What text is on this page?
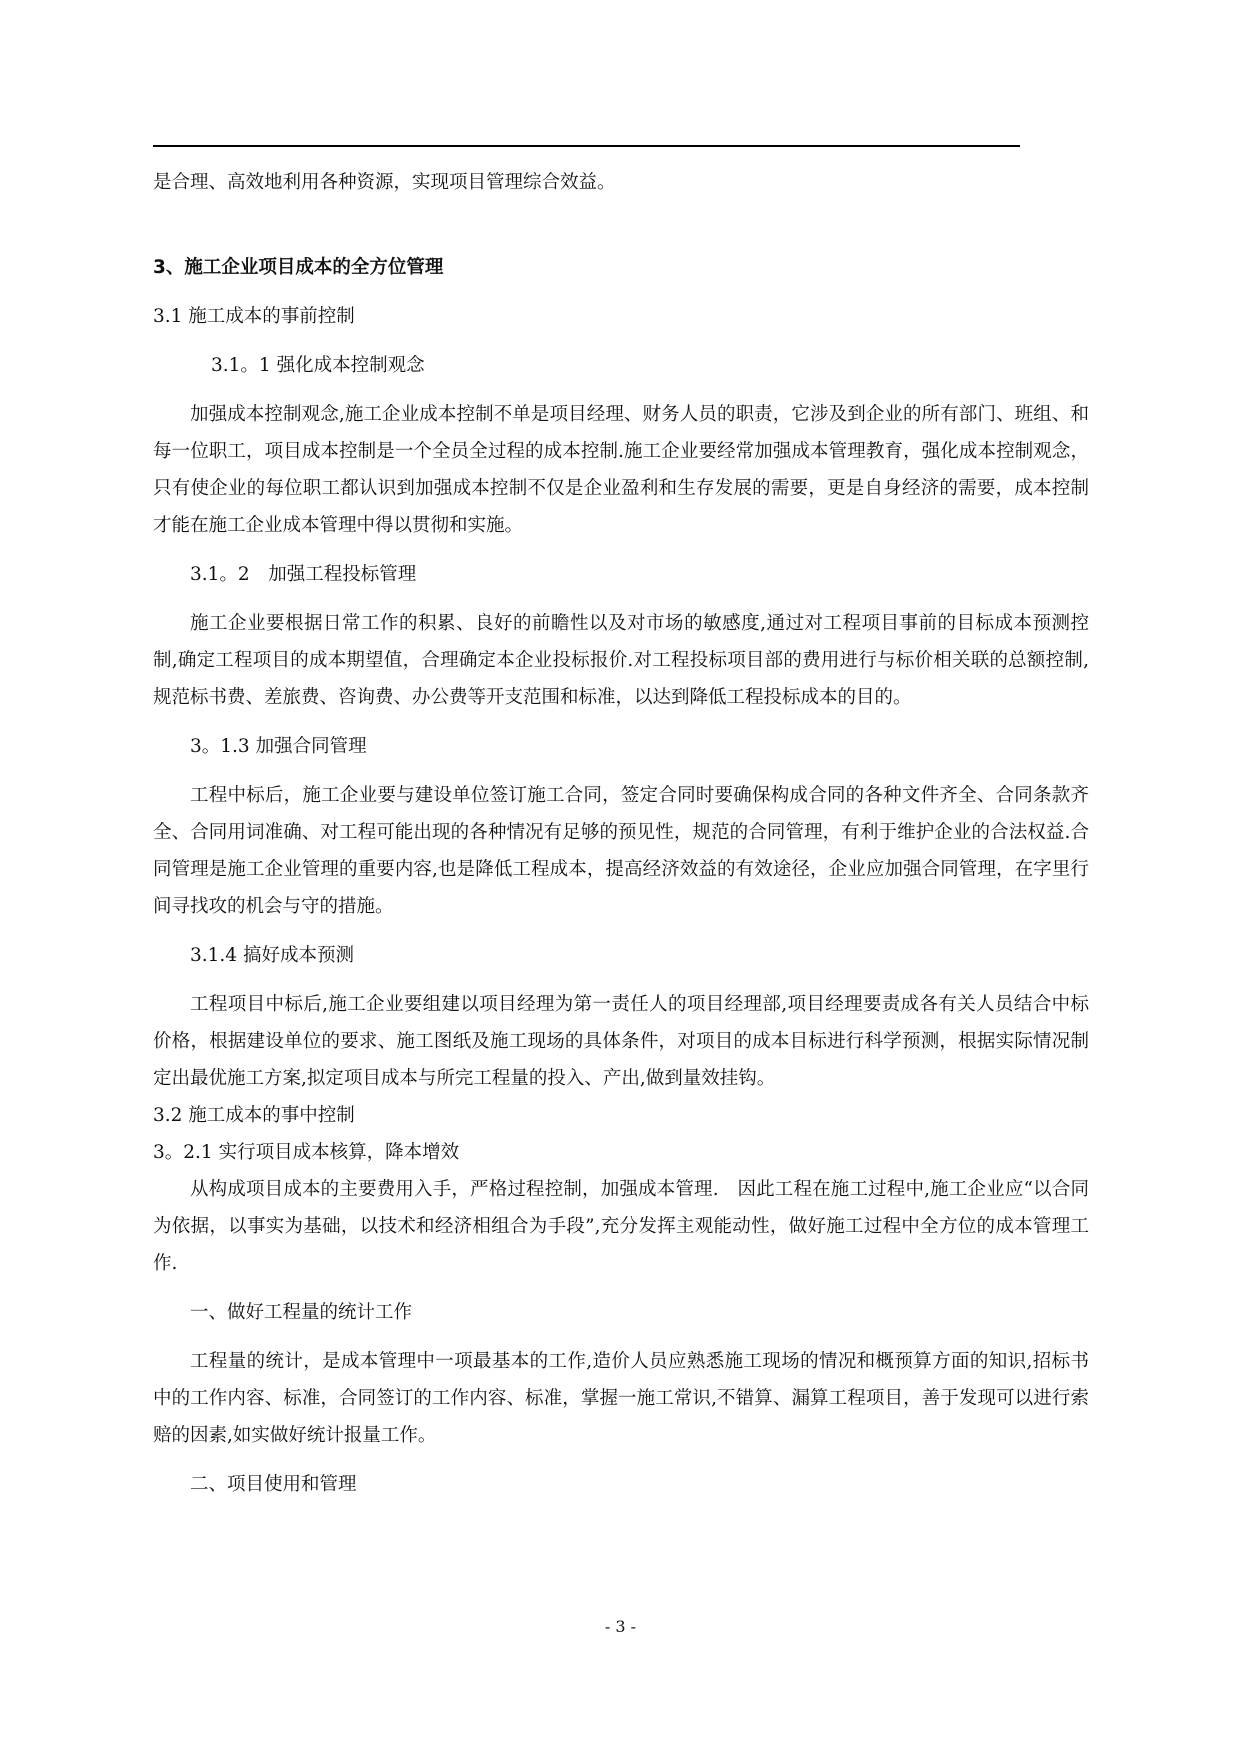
是合理、高效地利用各种资源，实现项目管理综合效益。

3、施工企业项目成本的全方位管理

3.1 施工成本的事前控制

3.1。1 强化成本控制观念

加强成本控制观念,施工企业成本控制不单是项目经理、财务人员的职责，它涉及到企业的所有部门、班组、和每一位职工，项目成本控制是一个全员全过程的成本控制.施工企业要经常加强成本管理教育，强化成本控制观念，只有使企业的每位职工都认识到加强成本控制不仅是企业盈利和生存发展的需要，更是自身经济的需要，成本控制才能在施工企业成本管理中得以贯彻和实施。

3.1。2　加强工程投标管理

施工企业要根据日常工作的积累、良好的前瞻性以及对市场的敏感度,通过对工程项目事前的目标成本预测控制,确定工程项目的成本期望值，合理确定本企业投标报价.对工程投标项目部的费用进行与标价相关联的总额控制,规范标书费、差旅费、咨询费、办公费等开支范围和标准，以达到降低工程投标成本的目的。

3。1.3 加强合同管理

工程中标后，施工企业要与建设单位签订施工合同，签定合同时要确保构成合同的各种文件齐全、合同条款齐全、合同用词准确、对工程可能出现的各种情况有足够的预见性，规范的合同管理，有利于维护企业的合法权益.合同管理是施工企业管理的重要内容,也是降低工程成本，提高经济效益的有效途径，企业应加强合同管理，在字里行间寻找攻的机会与守的措施。

3.1.4 搞好成本预测

工程项目中标后,施工企业要组建以项目经理为第一责任人的项目经理部,项目经理要责成各有关人员结合中标价格，根据建设单位的要求、施工图纸及施工现场的具体条件，对项目的成本目标进行科学预测，根据实际情况制定出最优施工方案,拟定项目成本与所完工程量的投入、产出,做到量效挂钩。

3.2 施工成本的事中控制

3。2.1 实行项目成本核算，降本增效

从构成项目成本的主要费用入手，严格过程控制，加强成本管理.　因此工程在施工过程中,施工企业应“以合同为依据，以事实为基础，以技术和经济相组合为手段”,充分发挥主观能动性，做好施工过程中全方位的成本管理工作.

一、做好工程量的统计工作

工程量的统计，是成本管理中一项最基本的工作,造价人员应熟悉施工现场的情况和概预算方面的知识,招标书中的工作内容、标准，合同签订的工作内容、标准，掌握一施工常识,不错算、漏算工程项目，善于发现可以进行索赔的因素,如实做好统计报量工作。

二、项目使用和管理

- 3 -
